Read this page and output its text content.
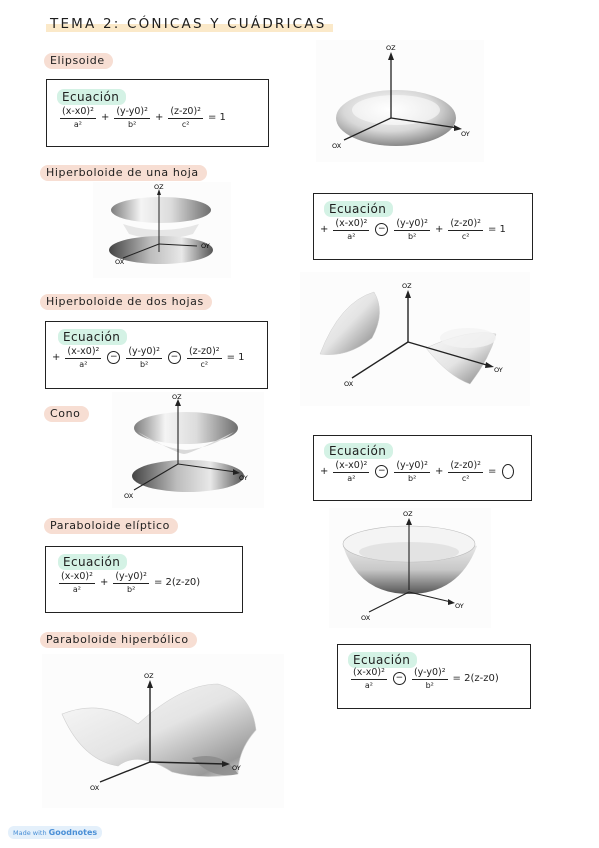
TEMA 2: CÓNICAS Y CUÁDRICAS
Elipsoide
Ecuación
$\frac{\text{(x-x0)²}}{\text{a²}} + \frac{\text{(y-y0)²}}{\text{b²}} + \frac{\text{(z-z0)²}}{\text{c²}} = 1$
OZ
OY
OX
Hiperboloide de una hoja
OZ
OY
OX
Ecuación
+ $\frac{\text{(x-x0)²}}{\text{a²}} - \frac{\text{(y-y0)²}}{\text{b²}} + \frac{\text{(z-z0)²}}{\text{c²}} = 1$
Hiperboloide de dos hojas
Ecuación
+ $\frac{\text{(x-x0)²}}{\text{a²}} - \frac{\text{(y-y0)²}}{\text{b²}} - \frac{\text{(z-z0)²}}{\text{c²}} = 1$
OZ
OY
OX
Cono
OZ
OY
OX
Ecuación
+ $\frac{\text{(x-x0)²}}{\text{a²}} - \frac{\text{(y-y0)²}}{\text{b²}} + \frac{\text{(z-z0)²}}{\text{c²}}$ =
Paraboloide elíptico
Ecuación
$\frac{\text{(x-x0)²}}{\text{a²}} + \frac{\text{(y-y0)²}}{\text{b²}} = 2(z-z0)$
OZ
OY
OX
Paraboloide hiperbólico
OZ
OY
OX
Ecuación
$\frac{\text{(x-x0)²}}{\text{a²}} - \frac{\text{(y-y0)²}}{\text{b²}} = 2(z-z0)$
Made with Goodnotes
